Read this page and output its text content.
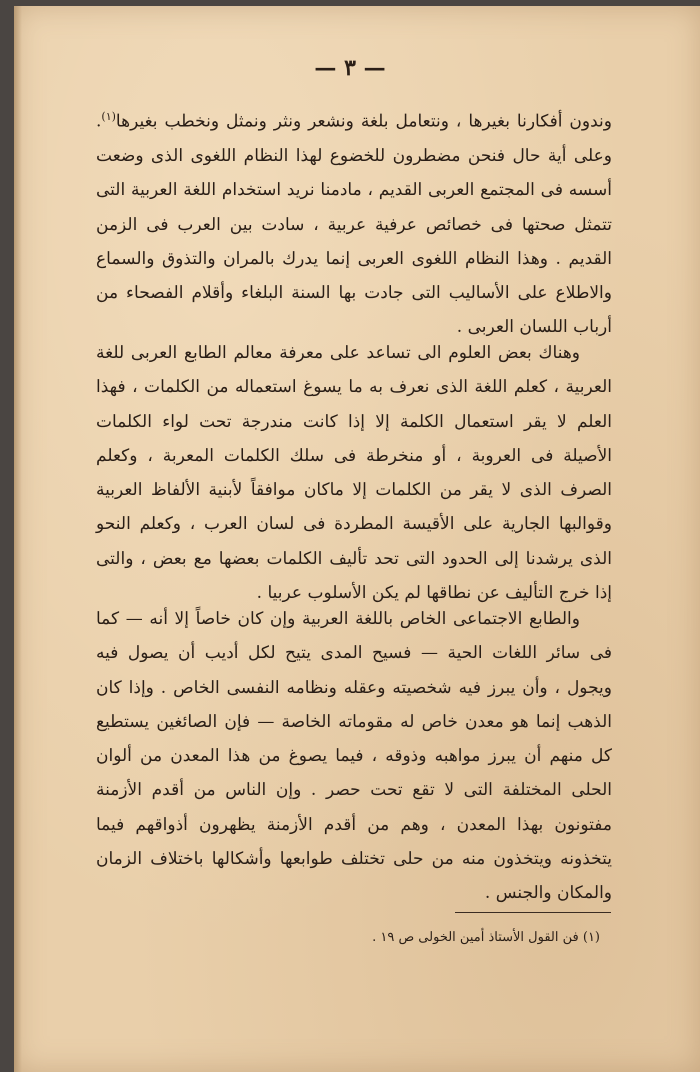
— ٣ —
وندون أفكارنا بغيرها ، ونتعامل بلغة ونشعر ونثر ونمثل ونخطب بغيرها$^{(١)}$. وعلى أية حال فنحن مضطرون للخضوع لهذا النظام اللغوى الذى وضعت أسسه فى المجتمع العربى القديم ، مادمنا نريد استخدام اللغة العربية التى تتمثل صحتها فى خصائص عرفية عربية ، سادت بين العرب فى الزمن القديم . وهذا النظام اللغوى العربى إنما يدرك بالمران والتذوق والسماع والاطلاع على الأساليب التى جادت بها السنة البلغاء وأقلام الفصحاء من أرباب اللسان العربى .
وهناك بعض العلوم الى تساعد على معرفة معالم الطابع العربى للغة العربية ، كعلم اللغة الذى نعرف به ما يسوغ استعماله من الكلمات ، فهذا العلم لا يقر استعمال الكلمة إلا إذا كانت مندرجة تحت لواء الكلمات الأصيلة فى العروبة ، أو منخرطة فى سلك الكلمات المعربة ، وكعلم الصرف الذى لا يقر من الكلمات إلا ماكان موافقاً لأبنية الألفاظ العربية وقوالبها الجارية على الأقيسة المطردة فى لسان العرب ، وكعلم النحو الذى يرشدنا إلى الحدود التى تحد تأليف الكلمات بعضها مع بعض ، والتى إذا خرج التأليف عن نطاقها لم يكن الأسلوب عربيا .
والطابع الاجتماعى الخاص باللغة العربية وإن كان خاصاً إلا أنه — كما فى سائر اللغات الحية — فسيح المدى يتيح لكل أديب أن يصول فيه ويجول ، وأن يبرز فيه شخصيته وعقله ونظامه النفسى الخاص . وإذا كان الذهب إنما هو معدن خاص له مقوماته الخاصة — فإن الصائغين يستطيع كل منهم أن يبرز مواهبه وذوقه ، فيما يصوغ من هذا المعدن من ألوان الحلى المختلفة التى لا تقع تحت حصر . وإن الناس من أقدم الأزمنة مفتونون بهذا المعدن ، وهم من أقدم الأزمنة يظهرون أذواقهم فيما يتخذونه ويتخذون منه من حلى تختلف طوابعها وأشكالها باختلاف الزمان والمكان والجنس .
(١) فن القول الأستاذ أمين الخولى ص ١٩ .
